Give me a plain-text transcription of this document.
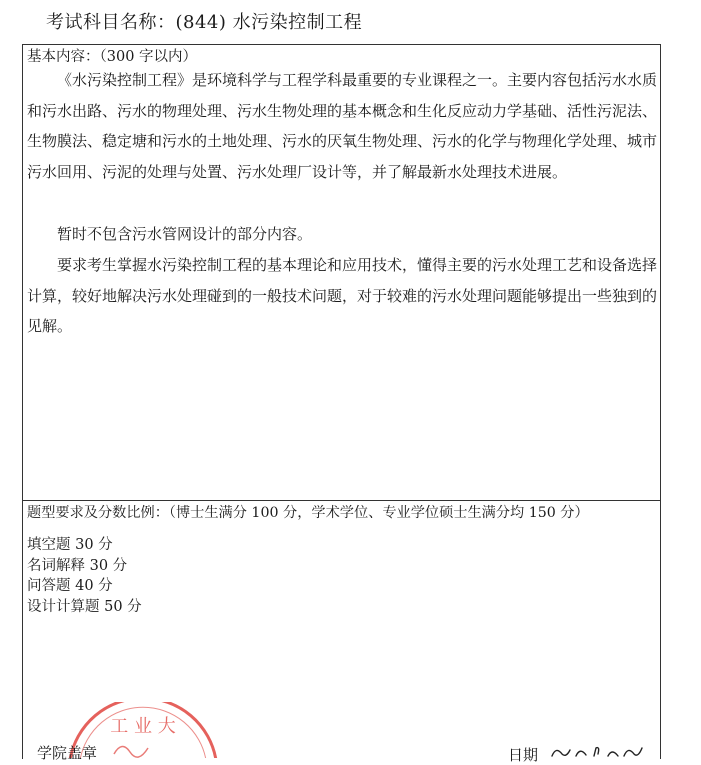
考试科目名称：(844) 水污染控制工程
基本内容：（300 字以内）
《水污染控制工程》是环境科学与工程学科最重要的专业课程之一。主要内容包括污水水质和污水出路、污水的物理处理、污水生物处理的基本概念和生化反应动力学基础、活性污泥法、生物膜法、稳定塘和污水的土地处理、污水的厌氧生物处理、污水的化学与物理化学处理、城市污水回用、污泥的处理与处置、污水处理厂设计等，并了解最新水处理技术进展。
暂时不包含污水管网设计的部分内容。
要求考生掌握水污染控制工程的基本理论和应用技术，懂得主要的污水处理工艺和设备选择计算，较好地解决污水处理碰到的一般技术问题，对于较难的污水处理问题能够提出一些独到的见解。
题型要求及分数比例：（博士生满分 100 分，学术学位、专业学位硕士生满分均 150 分）
填空题 30 分
名词解释 30 分
问答题 40 分
设计计算题 50 分
工 业 大
学院盖章	日期
